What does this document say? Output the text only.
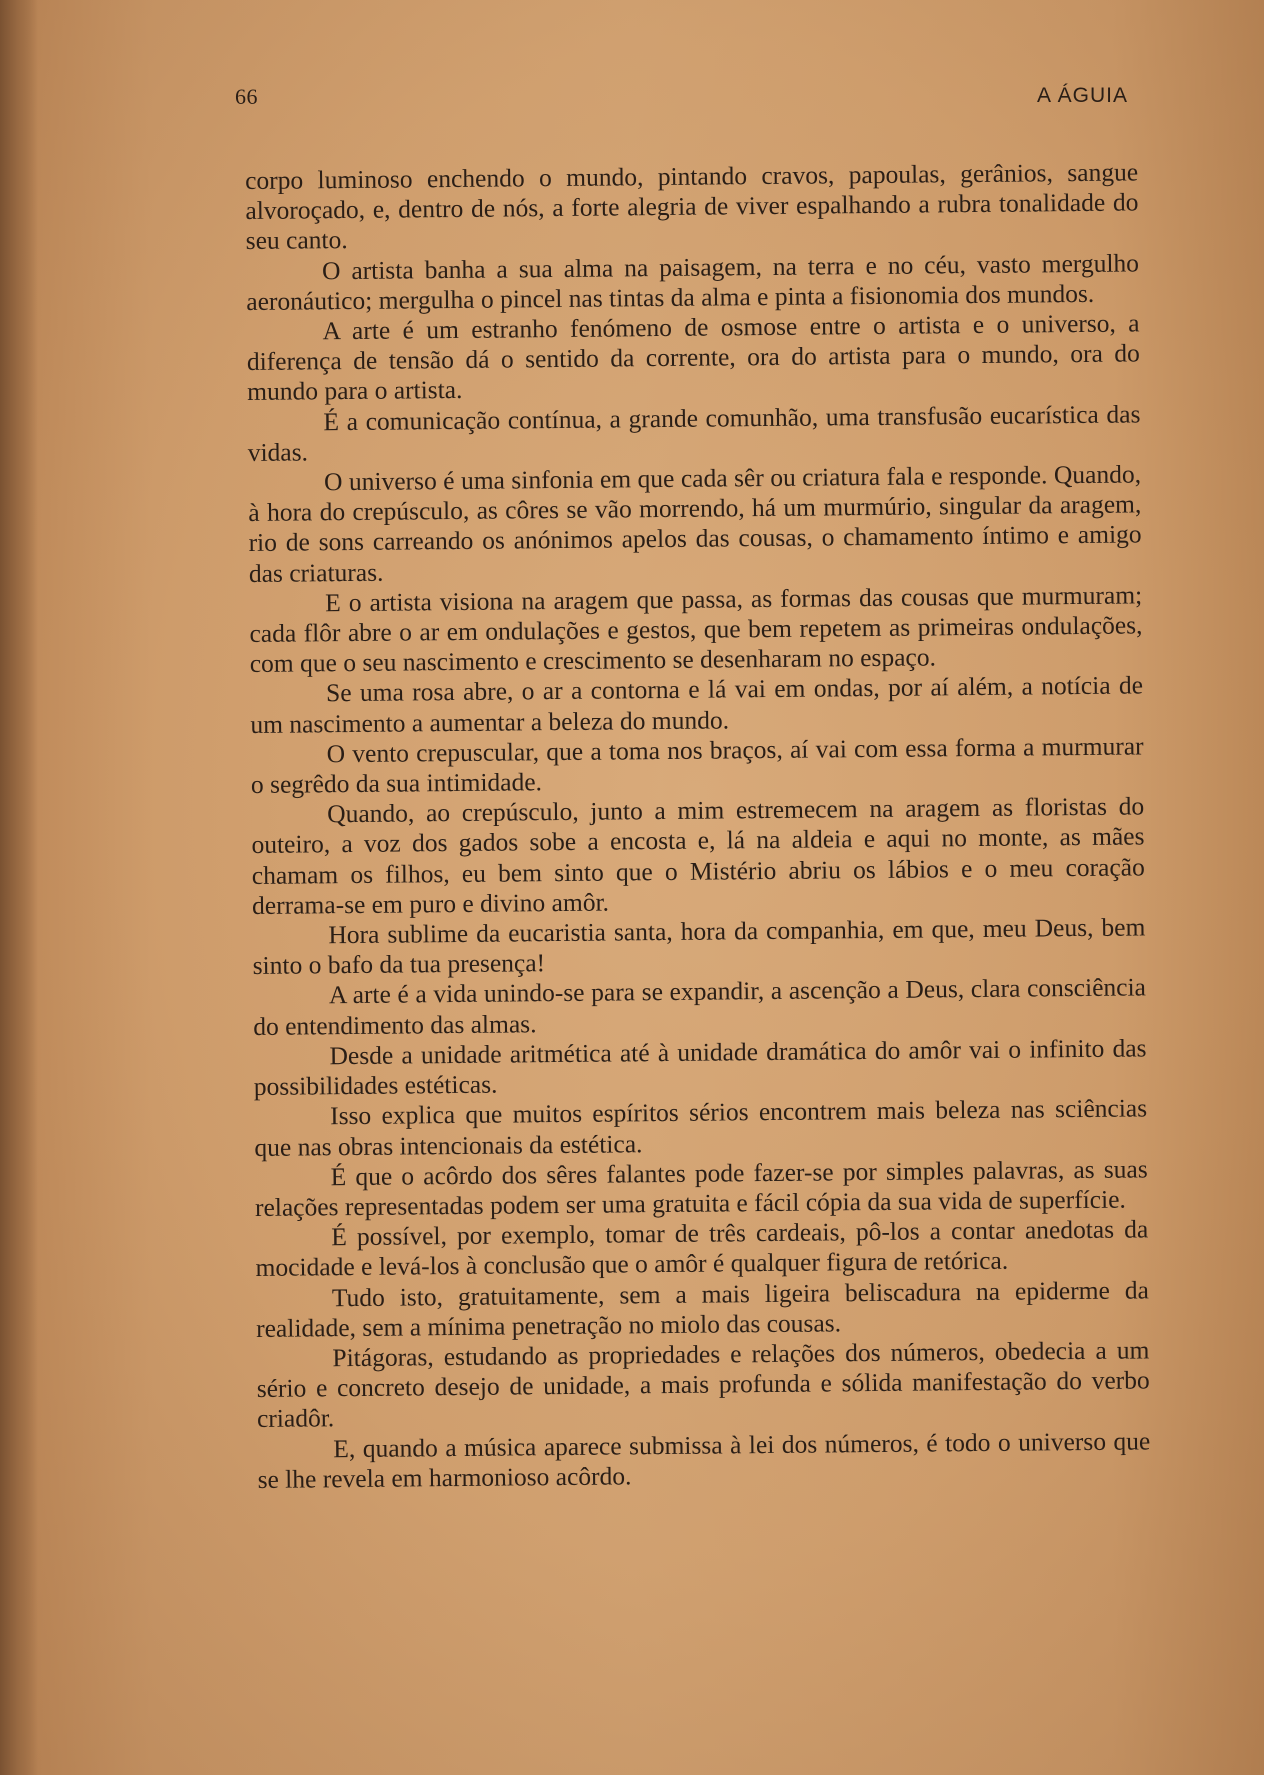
66	A ÁGUIA

corpo luminoso enchendo o mundo, pintando cravos, papoulas, gerânios, sangue alvoroçado, e, dentro de nós, a forte alegria de viver espalhando a rubra tonalidade do seu canto.

O artista banha a sua alma na paisagem, na terra e no céu, vasto mergulho aeronáutico; mergulha o pincel nas tintas da alma e pinta a fisionomia dos mundos.

A arte é um estranho fenómeno de osmose entre o artista e o universo, a diferença de tensão dá o sentido da corrente, ora do artista para o mundo, ora do mundo para o artista.

É a comunicação contínua, a grande comunhão, uma transfusão eucarística das vidas.

O universo é uma sinfonia em que cada sêr ou criatura fala e responde. Quando, à hora do crepúsculo, as côres se vão morrendo, há um murmúrio, singular da aragem, rio de sons carreando os anónimos apelos das cousas, o chamamento íntimo e amigo das criaturas.

E o artista visiona na aragem que passa, as formas das cousas que murmuram; cada flôr abre o ar em ondulações e gestos, que bem repetem as primeiras ondulações, com que o seu nascimento e crescimento se desenharam no espaço.

Se uma rosa abre, o ar a contorna e lá vai em ondas, por aí além, a notícia de um nascimento a aumentar a beleza do mundo.

O vento crepuscular, que a toma nos braços, aí vai com essa forma a murmurar o segrêdo da sua intimidade.

Quando, ao crepúsculo, junto a mim estremecem na aragem as floristas do outeiro, a voz dos gados sobe a encosta e, lá na aldeia e aqui no monte, as mães chamam os filhos, eu bem sinto que o Mistério abriu os lábios e o meu coração derrama-se em puro e divino amôr.

Hora sublime da eucaristia santa, hora da companhia, em que, meu Deus, bem sinto o bafo da tua presença!

A arte é a vida unindo-se para se expandir, a ascenção a Deus, clara consciência do entendimento das almas.

Desde a unidade aritmética até à unidade dramática do amôr vai o infinito das possibilidades estéticas.

Isso explica que muitos espíritos sérios encontrem mais beleza nas sciências que nas obras intencionais da estética.

É que o acôrdo dos sêres falantes pode fazer-se por simples palavras, as suas relações representadas podem ser uma gratuita e fácil cópia da sua vida de superfície.

É possível, por exemplo, tomar de três cardeais, pô-los a contar anedotas da mocidade e levá-los à conclusão que o amôr é qualquer figura de retórica.

Tudo isto, gratuitamente, sem a mais ligeira beliscadura na epiderme da realidade, sem a mínima penetração no miolo das cousas.

Pitágoras, estudando as propriedades e relações dos números, obedecia a um sério e concreto desejo de unidade, a mais profunda e sólida manifestação do verbo criadôr.

E, quando a música aparece submissa à lei dos números, é todo o universo que se lhe revela em harmonioso acôrdo.
